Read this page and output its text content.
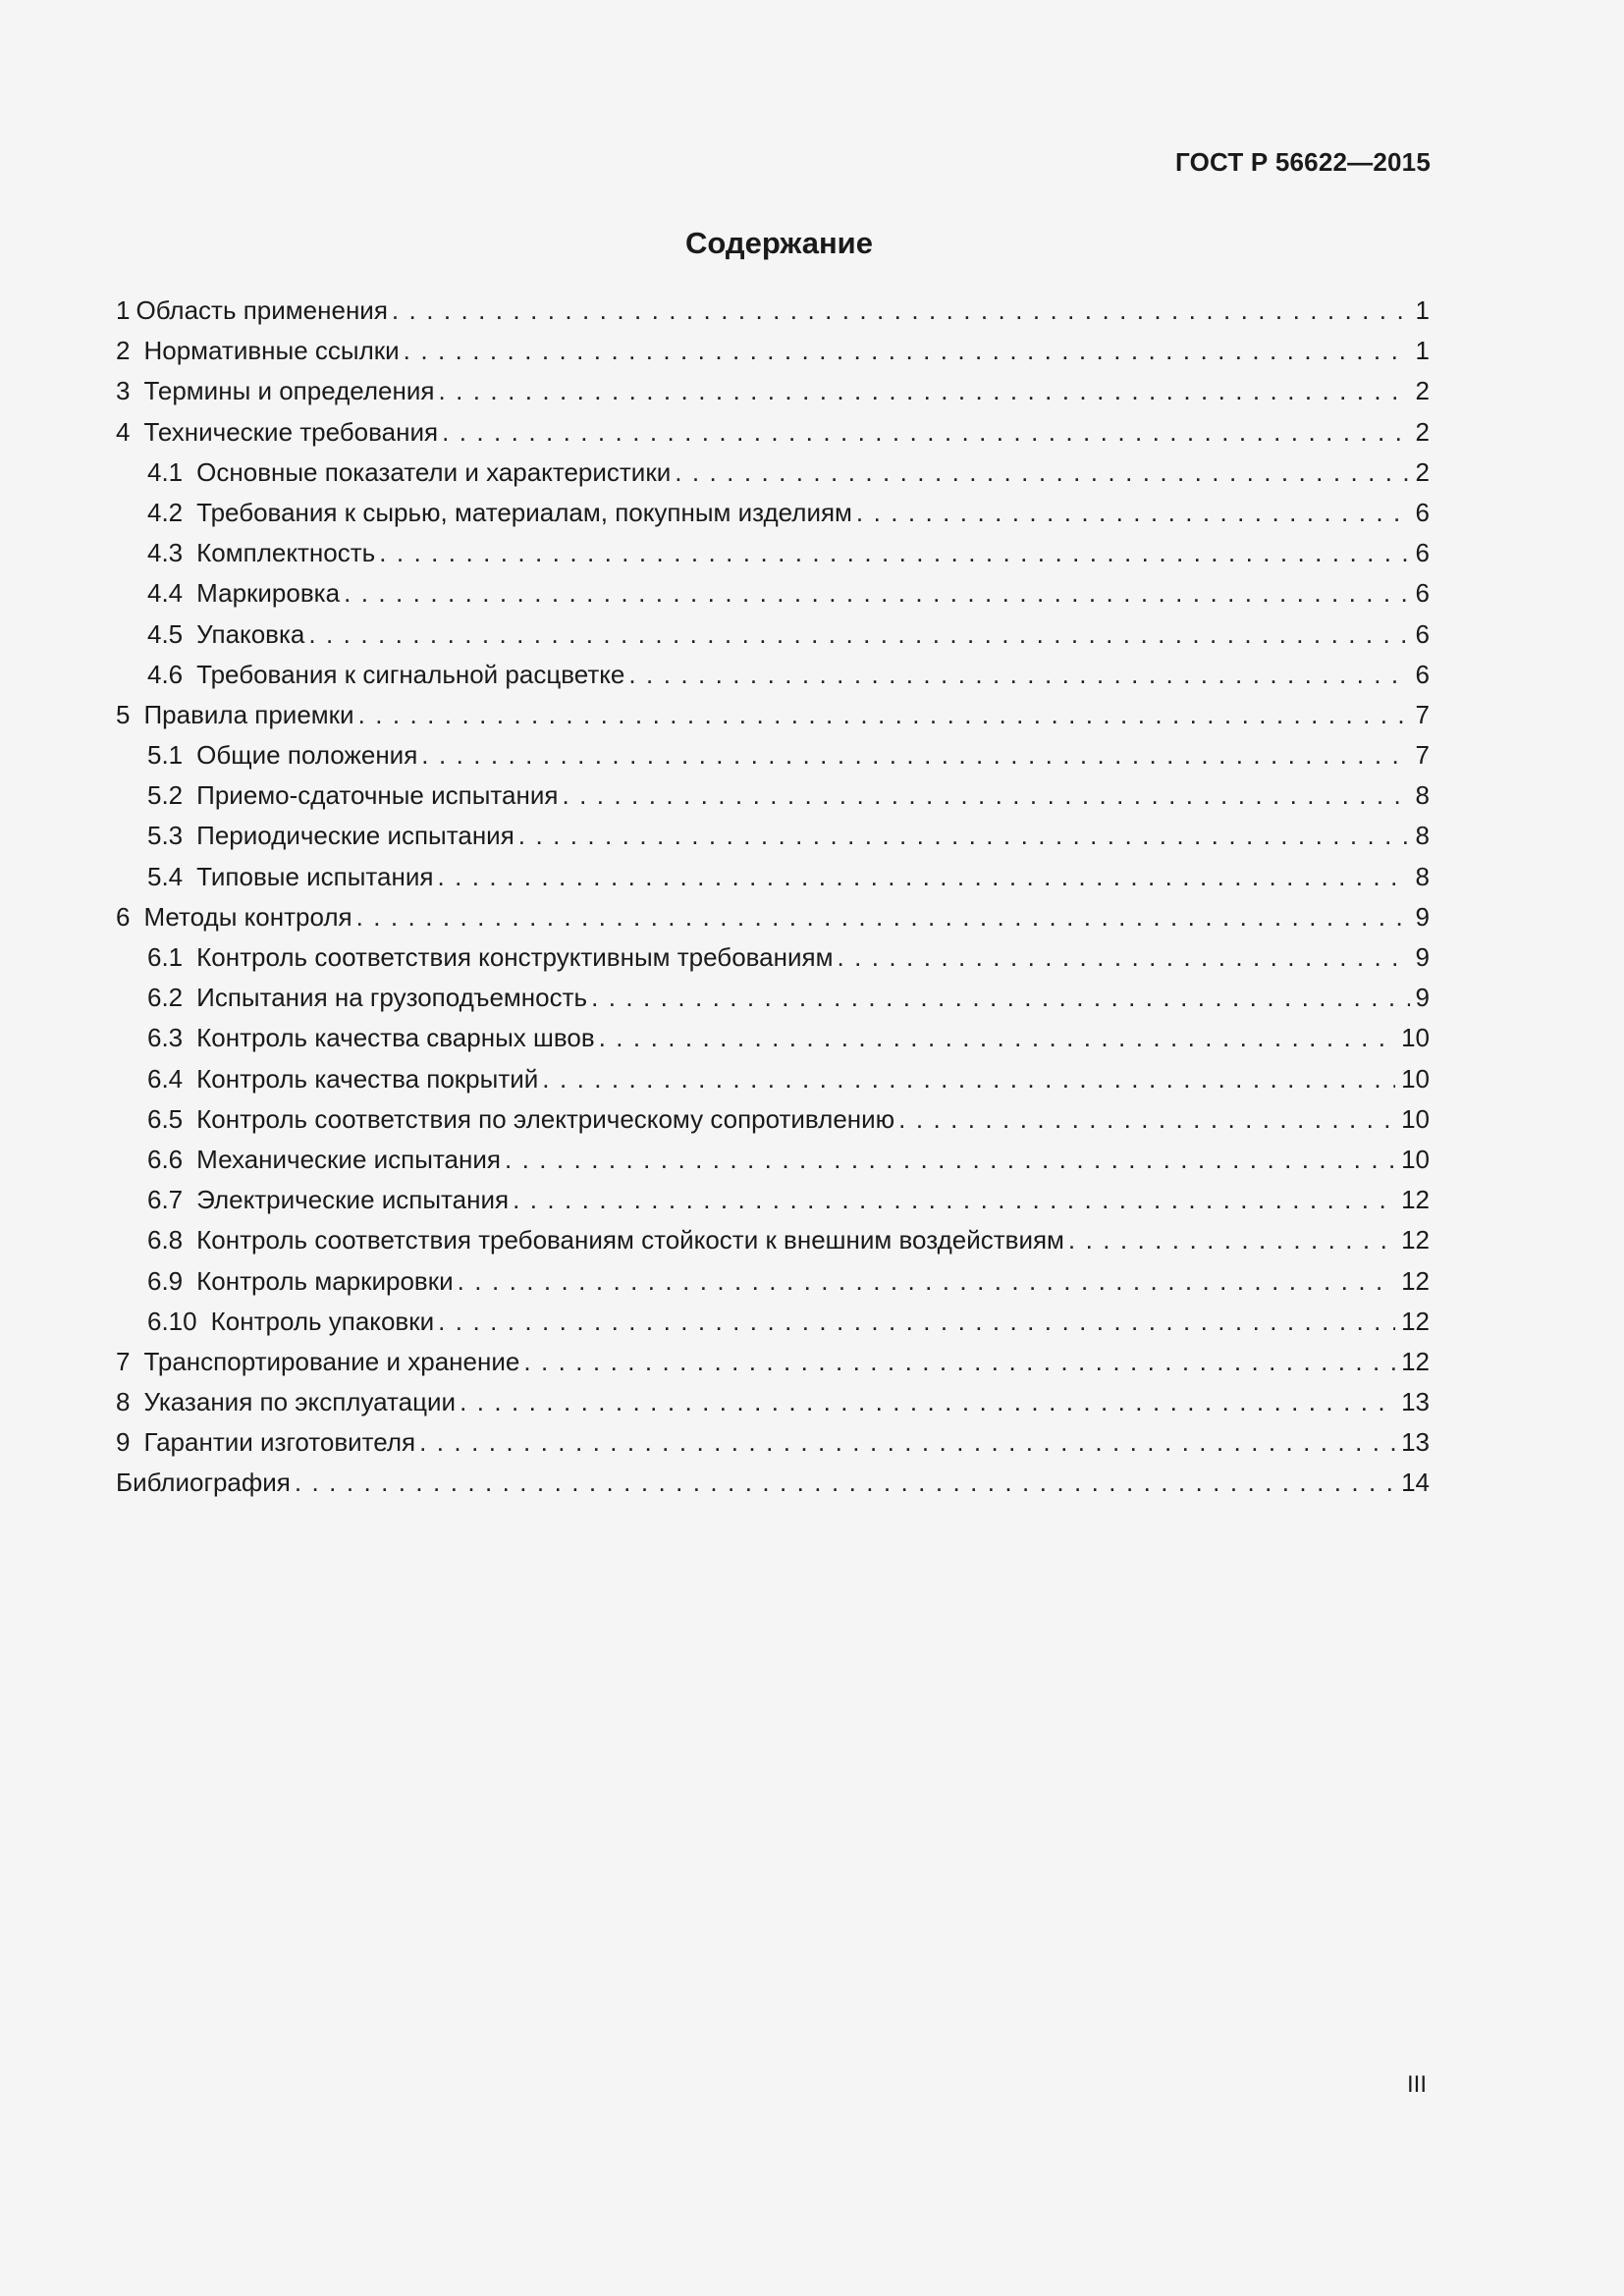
ГОСТ Р 56622—2015
Содержание
1 Область применения . . .	1
2 Нормативные ссылки . . .	1
3 Термины и определения . . .	2
4 Технические требования . . .	2
4.1 Основные показатели и характеристики . . .	2
4.2 Требования к сырью, материалам, покупным изделиям . . .	6
4.3 Комплектность . . .	6
4.4 Маркировка . . .	6
4.5 Упаковка . . .	6
4.6 Требования к сигнальной расцветке . . .	6
5 Правила приемки . . .	7
5.1 Общие положения . . .	7
5.2 Приемо-сдаточные испытания . . .	8
5.3 Периодические испытания . . .	8
5.4 Типовые испытания . . .	8
6 Методы контроля . . .	9
6.1 Контроль соответствия конструктивным требованиям . . .	9
6.2 Испытания на грузоподъемность . . .	9
6.3 Контроль качества сварных швов . . .	10
6.4 Контроль качества покрытий . . .	10
6.5 Контроль соответствия по электрическому сопротивлению . . .	10
6.6 Механические испытания . . .	10
6.7 Электрические испытания . . .	12
6.8 Контроль соответствия требованиям стойкости к внешним воздействиям . . .	12
6.9 Контроль маркировки . . .	12
6.10 Контроль упаковки . . .	12
7 Транспортирование и хранение . . .	12
8 Указания по эксплуатации . . .	13
9 Гарантии изготовителя . . .	13
Библиография . . .	14
III
